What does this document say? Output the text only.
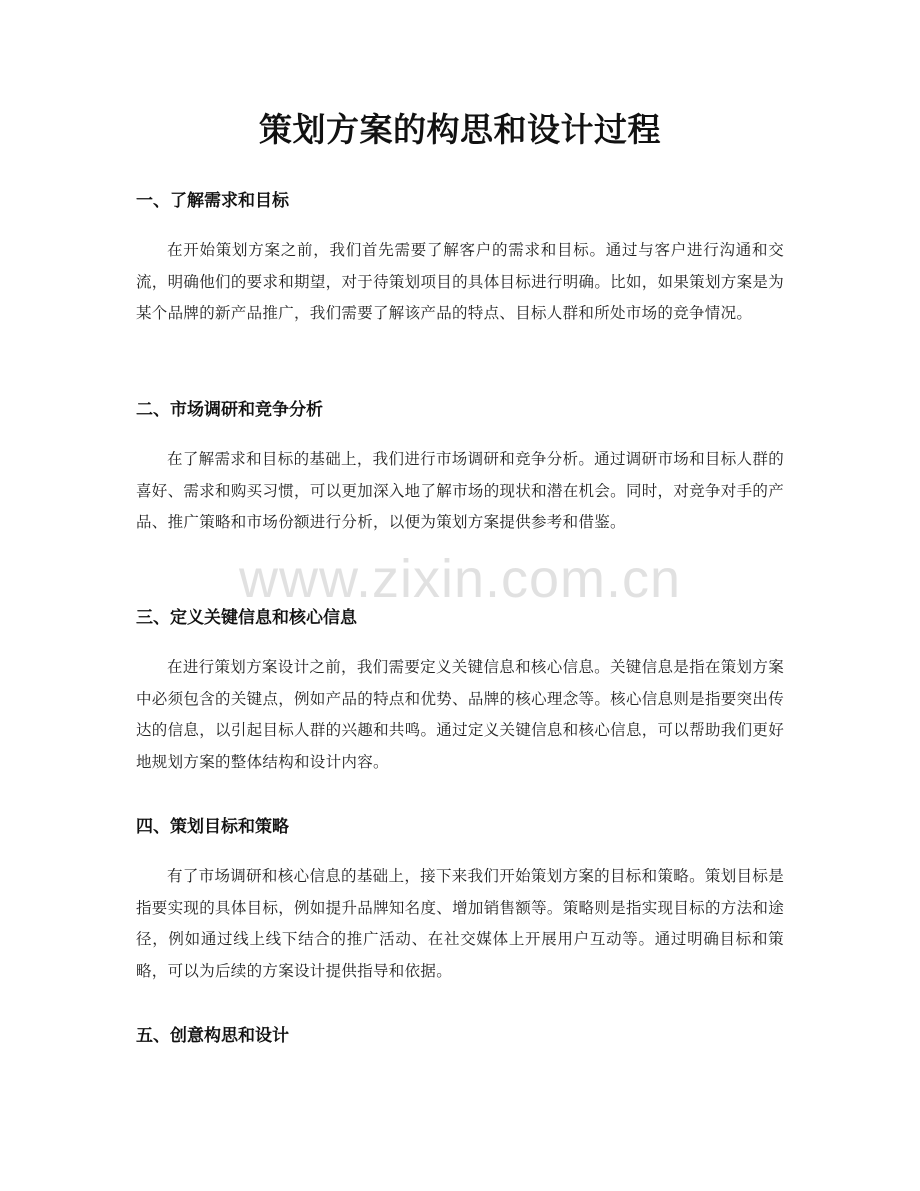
策划方案的构思和设计过程
一、了解需求和目标

在开始策划方案之前，我们首先需要了解客户的需求和目标。通过与客户进行沟通和交流，明确他们的要求和期望，对于待策划项目的具体目标进行明确。比如，如果策划方案是为某个品牌的新产品推广，我们需要了解该产品的特点、目标人群和所处市场的竞争情况。

二、市场调研和竞争分析

在了解需求和目标的基础上，我们进行市场调研和竞争分析。通过调研市场和目标人群的喜好、需求和购买习惯，可以更加深入地了解市场的现状和潜在机会。同时，对竞争对手的产品、推广策略和市场份额进行分析，以便为策划方案提供参考和借鉴。

三、定义关键信息和核心信息

在进行策划方案设计之前，我们需要定义关键信息和核心信息。关键信息是指在策划方案中必须包含的关键点，例如产品的特点和优势、品牌的核心理念等。核心信息则是指要突出传达的信息，以引起目标人群的兴趣和共鸣。通过定义关键信息和核心信息，可以帮助我们更好地规划方案的整体结构和设计内容。

四、策划目标和策略

有了市场调研和核心信息的基础上，接下来我们开始策划方案的目标和策略。策划目标是指要实现的具体目标，例如提升品牌知名度、增加销售额等。策略则是指实现目标的方法和途径，例如通过线上线下结合的推广活动、在社交媒体上开展用户互动等。通过明确目标和策略，可以为后续的方案设计提供指导和依据。

五、创意构思和设计
www.zixin.com.cn
